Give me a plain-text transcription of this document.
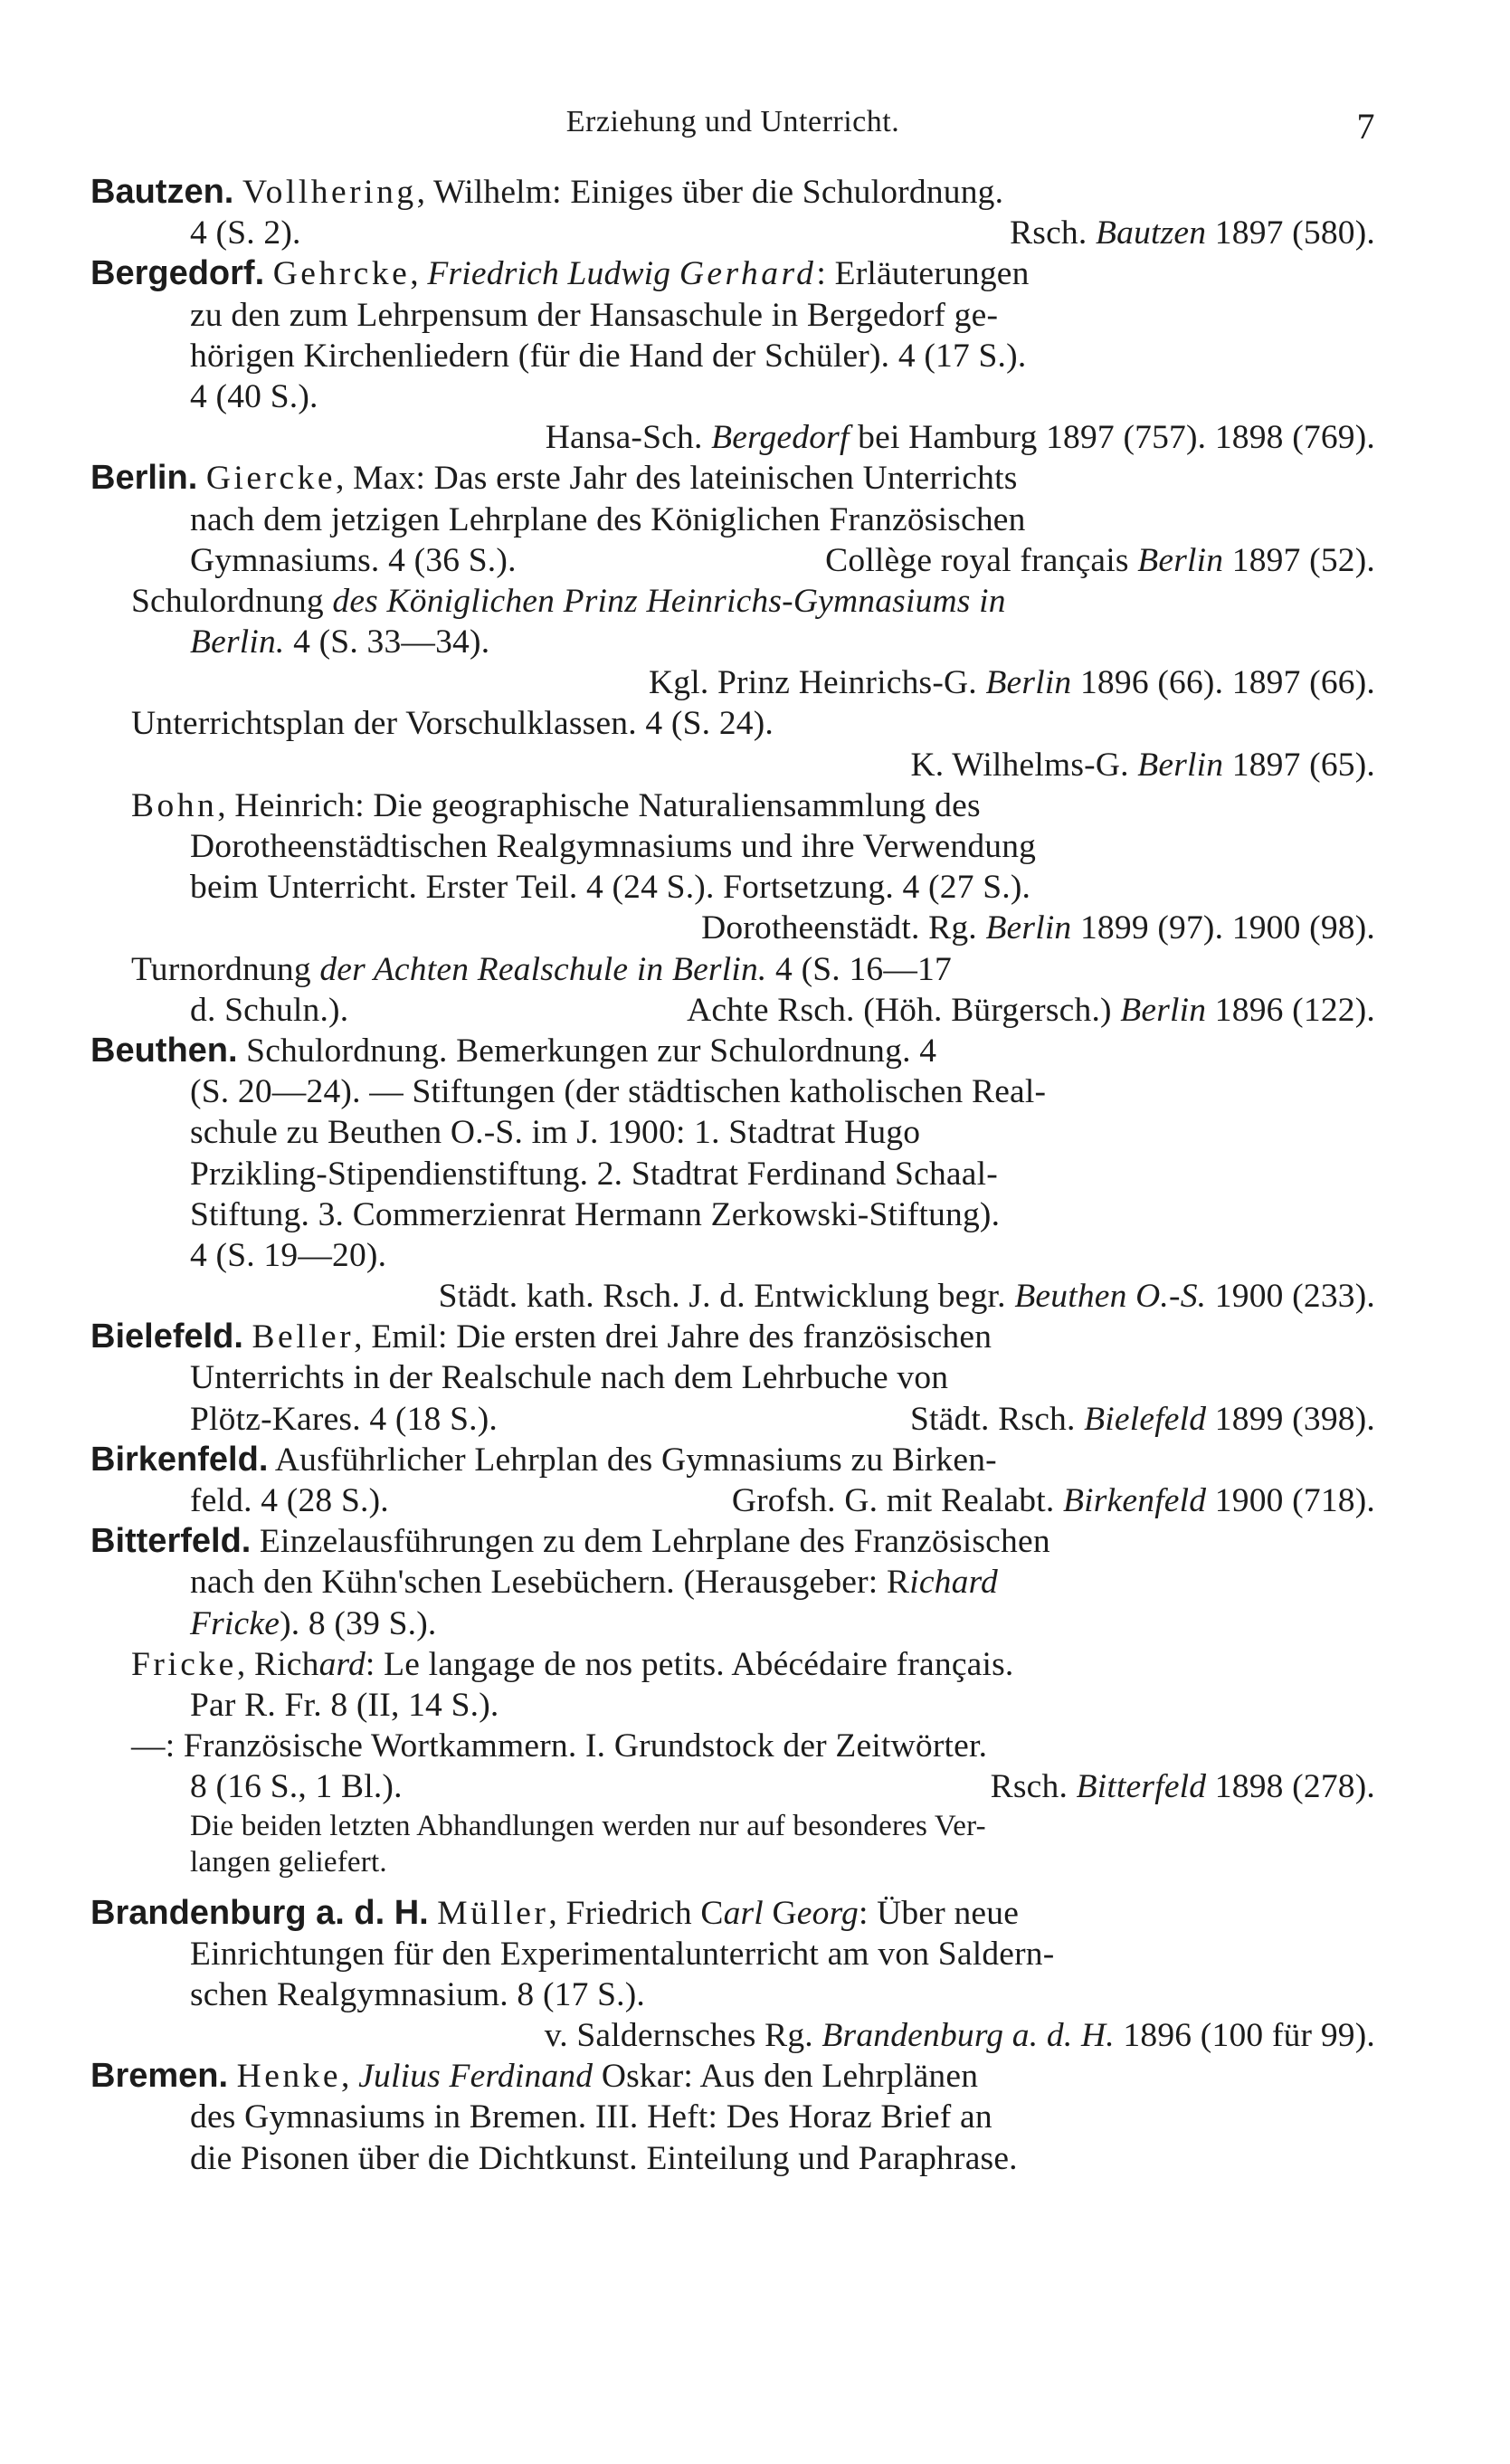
Erziehung und Unterricht.	7
Bautzen. Vollhering, Wilhelm: Einiges über die Schulordnung.
4 (S. 2).	Rsch. Bautzen 1897 (580).
Bergedorf. Gehrcke, Friedrich Ludwig Gerhard: Erläuterungen
zu den zum Lehrpensum der Hansaschule in Bergedorf ge-
hörigen Kirchenliedern (für die Hand der Schüler). 4 (17 S.).
4 (40 S.).
Hansa-Sch. Bergedorf bei Hamburg 1897 (757). 1898 (769).
Berlin. Giercke, Max: Das erste Jahr des lateinischen Unterrichts
nach dem jetzigen Lehrplane des Königlichen Französischen
Gymnasiums. 4 (36 S.).	Collège royal français Berlin 1897 (52).
Schulordnung des Königlichen Prinz Heinrichs-Gymnasiums in
Berlin. 4 (S. 33—34).
Kgl. Prinz Heinrichs-G. Berlin 1896 (66). 1897 (66).
Unterrichtsplan der Vorschulklassen. 4 (S. 24).
K. Wilhelms-G. Berlin 1897 (65).
Bohn, Heinrich: Die geographische Naturaliensammlung des
Dorotheenstädtischen Realgymnasiums und ihre Verwendung
beim Unterricht. Erster Teil. 4 (24 S.). Fortsetzung. 4 (27 S.).
Dorotheenstädt. Rg. Berlin 1899 (97). 1900 (98).
Turnordnung der Achten Realschule in Berlin. 4 (S. 16—17
d. Schuln.).	Achte Rsch. (Höh. Bürgersch.) Berlin 1896 (122).
Beuthen. Schulordnung. Bemerkungen zur Schulordnung. 4
(S. 20—24). — Stiftungen (der städtischen katholischen Real-
schule zu Beuthen O.-S. im J. 1900: 1. Stadtrat Hugo
Przikling-Stipendienstiftung. 2. Stadtrat Ferdinand Schaal-
Stiftung. 3. Commerzienrat Hermann Zerkowski-Stiftung).
4 (S. 19—20).
Städt. kath. Rsch. J. d. Entwicklung begr. Beuthen O.-S. 1900 (233).
Bielefeld. Beller, Emil: Die ersten drei Jahre des französischen
Unterrichts in der Realschule nach dem Lehrbuche von
Plötz-Kares. 4 (18 S.).	Städt. Rsch. Bielefeld 1899 (398).
Birkenfeld. Ausführlicher Lehrplan des Gymnasiums zu Birken-
feld. 4 (28 S.).	Grofsh. G. mit Realabt. Birkenfeld 1900 (718).
Bitterfeld. Einzelausführungen zu dem Lehrplane des Französischen
nach den Kühn'schen Lesebüchern. (Herausgeber: Richard
Fricke). 8 (39 S.).
Fricke, Richard: Le langage de nos petits. Abécédaire français.
Par R. Fr. 8 (II, 14 S.).
—: Französische Wortkammern. I. Grundstock der Zeitwörter.
8 (16 S., 1 Bl.).	Rsch. Bitterfeld 1898 (278).
Die beiden letzten Abhandlungen werden nur auf besonderes Ver-
langen geliefert.
Brandenburg a. d. H. Müller, Friedrich Carl Georg: Über neue
Einrichtungen für den Experimentalunterricht am von Saldern-
schen Realgymnasium. 8 (17 S.).
v. Saldernsches Rg. Brandenburg a. d. H. 1896 (100 für 99).
Bremen. Henke, Julius Ferdinand Oskar: Aus den Lehrplänen
des Gymnasiums in Bremen. III. Heft: Des Horaz Brief an
die Pisonen über die Dichtkunst. Einteilung und Paraphrase.
